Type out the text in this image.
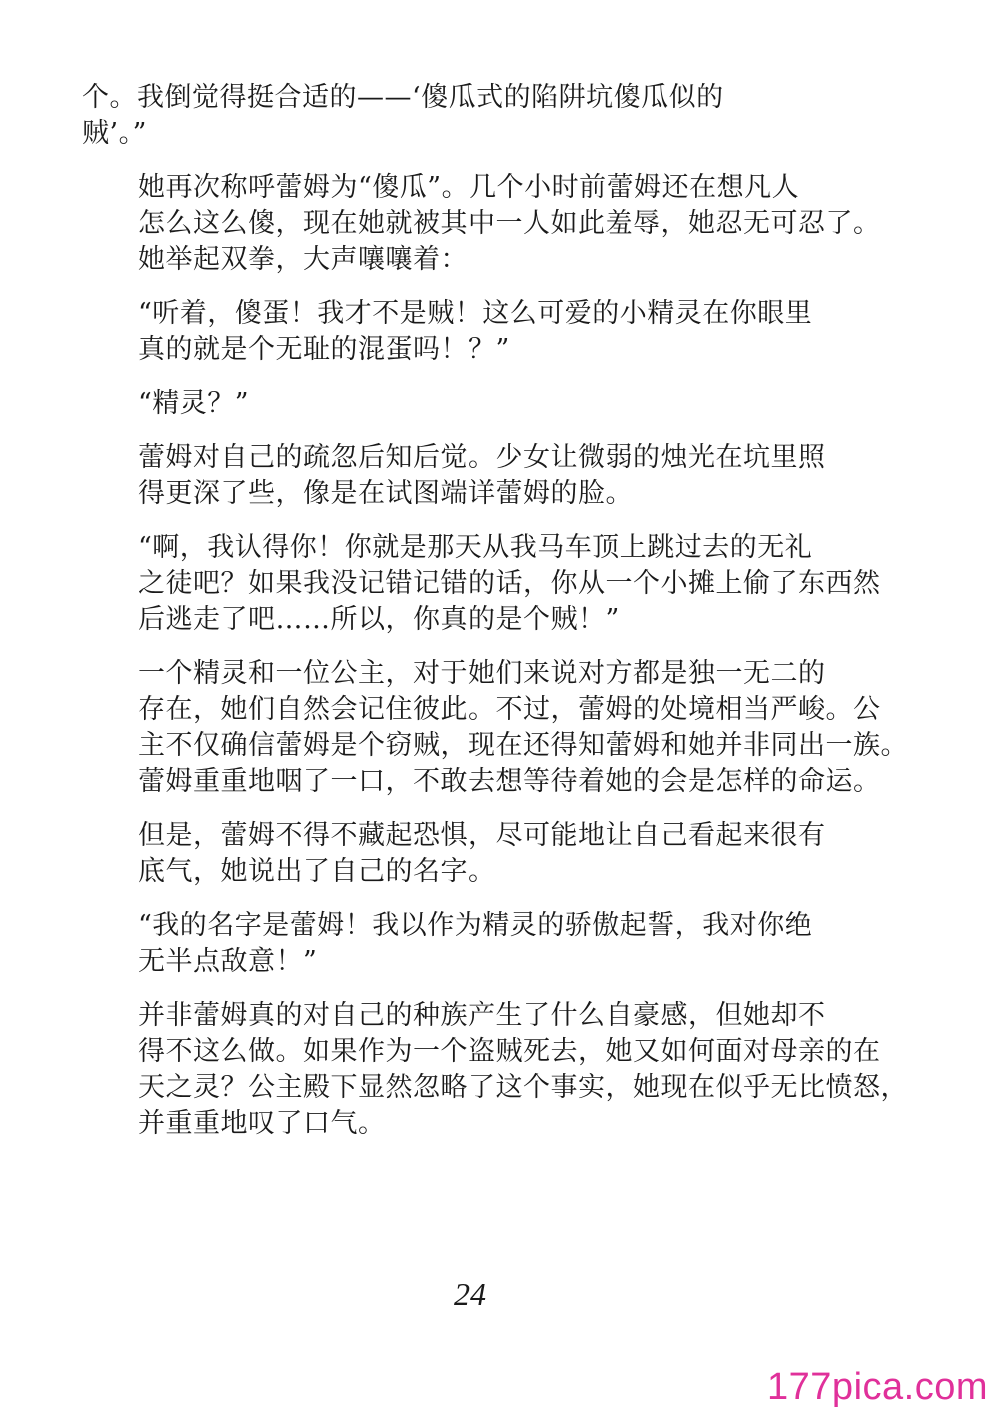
个。我倒觉得挺合适的——‘傻瓜式的陷阱坑傻瓜似的
贼’。”

她再次称呼蕾姆为“傻瓜”。几个小时前蕾姆还在想凡人
怎么这么傻，现在她就被其中一人如此羞辱，她忍无可忍了。
她举起双拳，大声嚷嚷着：

“听着，傻蛋！我才不是贼！这么可爱的小精灵在你眼里
真的就是个无耻的混蛋吗！？”

“精灵？”

蕾姆对自己的疏忽后知后觉。少女让微弱的烛光在坑里照
得更深了些，像是在试图端详蕾姆的脸。

“啊，我认得你！你就是那天从我马车顶上跳过去的无礼
之徒吧？如果我没记错记错的话，你从一个小摊上偷了东西然
后逃走了吧……所以，你真的是个贼！”

一个精灵和一位公主，对于她们来说对方都是独一无二的
存在，她们自然会记住彼此。不过，蕾姆的处境相当严峻。公
主不仅确信蕾姆是个窃贼，现在还得知蕾姆和她并非同出一族。
蕾姆重重地咽了一口，不敢去想等待着她的会是怎样的命运。

但是，蕾姆不得不藏起恐惧，尽可能地让自己看起来很有
底气，她说出了自己的名字。

“我的名字是蕾姆！我以作为精灵的骄傲起誓，我对你绝
无半点敌意！”

并非蕾姆真的对自己的种族产生了什么自豪感，但她却不
得不这么做。如果作为一个盗贼死去，她又如何面对母亲的在
天之灵？公主殿下显然忽略了这个事实，她现在似乎无比愤怒，
并重重地叹了口气。

24
177pica.com
